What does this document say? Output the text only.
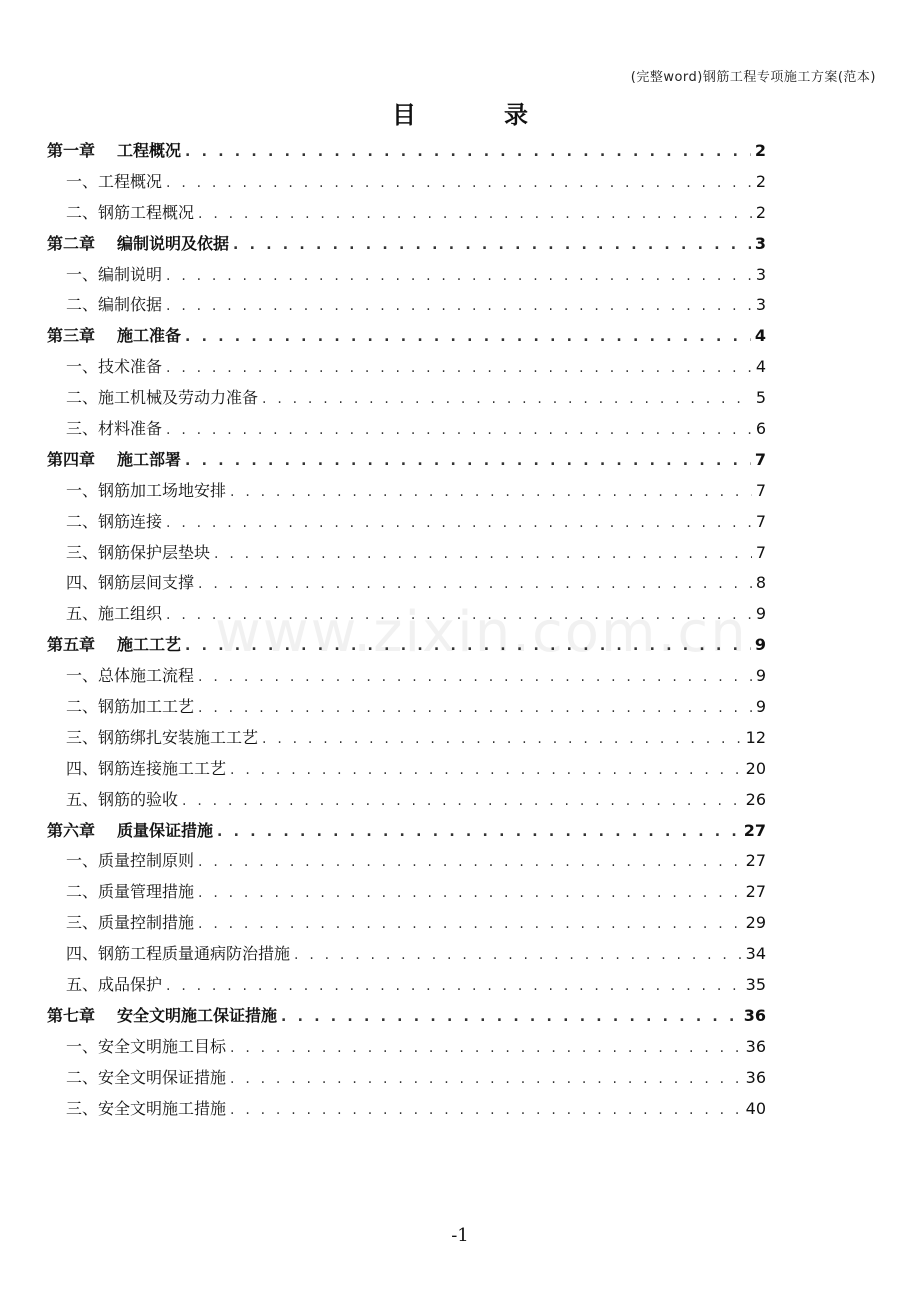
(完整word)钢筋工程专项施工方案(范本)
目	录
www.zixin.com.cn
第一章 工程概况 . . .	2
一、工程概况 . . .	2
二、钢筋工程概况 . . .	2
第二章 编制说明及依据 . . .	3
一、编制说明 . . .	3
二、编制依据 . . .	3
第三章 施工准备 . . .	4
一、技术准备 . . .	4
二、施工机械及劳动力准备 . . .	5
三、材料准备 . . .	6
第四章 施工部署 . . .	7
一、钢筋加工场地安排 . . .	7
二、钢筋连接 . . .	7
三、钢筋保护层垫块 . . .	7
四、钢筋层间支撑 . . .	8
五、施工组织 . . .	9
第五章 施工工艺 . . .	9
一、总体施工流程 . . .	9
二、钢筋加工工艺 . . .	9
三、钢筋绑扎安装施工工艺 . . .	12
四、钢筋连接施工工艺 . . .	20
五、钢筋的验收 . . .	26
第六章 质量保证措施 . . .	27
一、质量控制原则 . . .	27
二、质量管理措施 . . .	27
三、质量控制措施 . . .	29
四、钢筋工程质量通病防治措施 . . .	34
五、成品保护 . . .	35
第七章 安全文明施工保证措施 . . .	36
一、安全文明施工目标 . . .	36
二、安全文明保证措施 . . .	36
三、安全文明施工措施 . . .	40
-1
